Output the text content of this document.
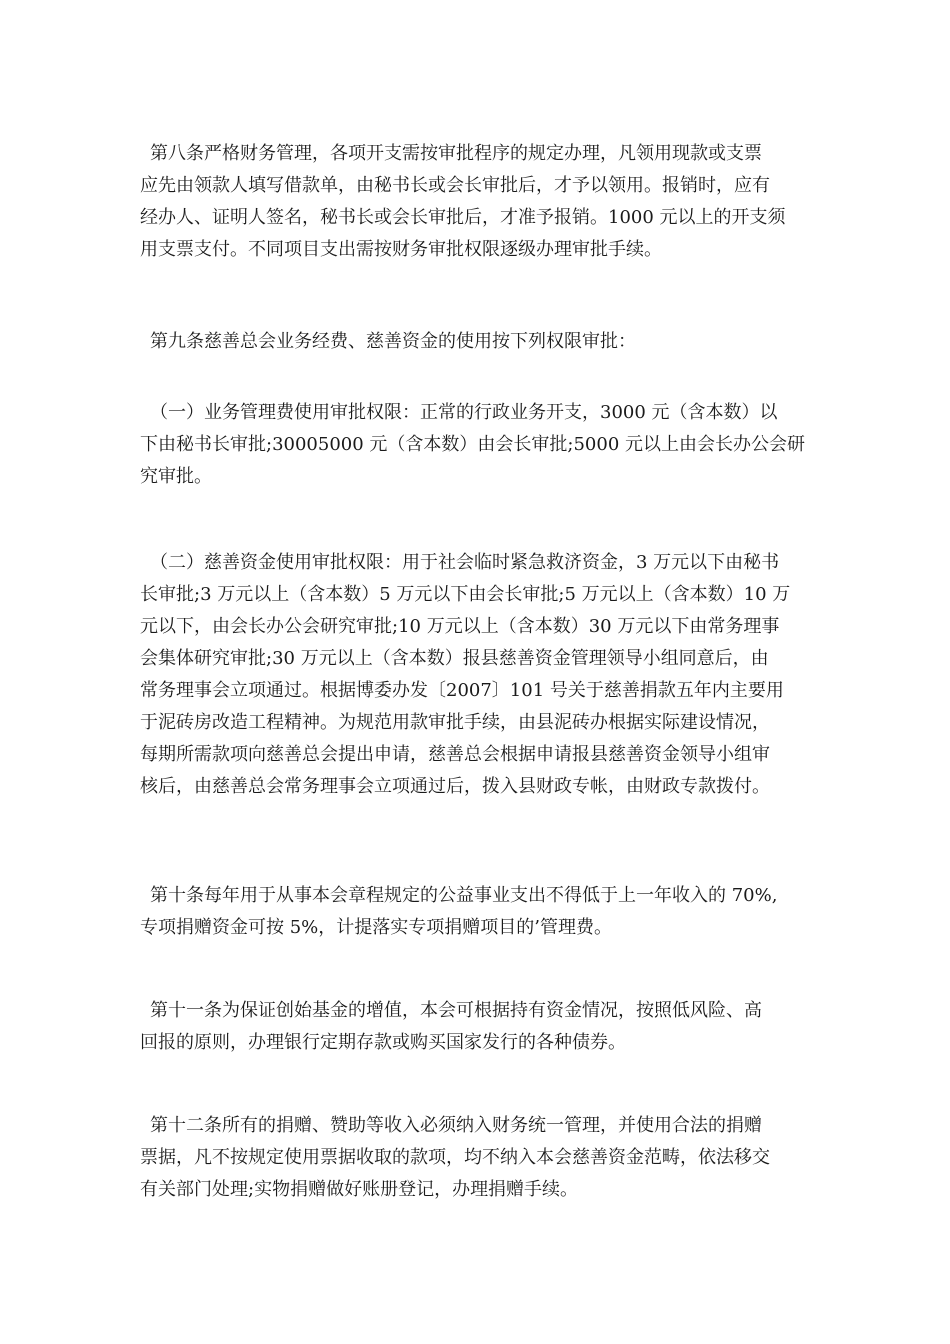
第八条严格财务管理，各项开支需按审批程序的规定办理，凡领用现款或支票
应先由领款人填写借款单，由秘书长或会长审批后，才予以领用。报销时，应有
经办人、证明人签名，秘书长或会长审批后，才准予报销。1000 元以上的开支须
用支票支付。不同项目支出需按财务审批权限逐级办理审批手续。
第九条慈善总会业务经费、慈善资金的使用按下列权限审批：
（一）业务管理费使用审批权限：正常的行政业务开支，3000 元（含本数）以
下由秘书长审批;30005000 元（含本数）由会长审批;5000 元以上由会长办公会研
究审批。
（二）慈善资金使用审批权限：用于社会临时紧急救济资金，3 万元以下由秘书
长审批;3 万元以上（含本数）5 万元以下由会长审批;5 万元以上（含本数）10 万
元以下，由会长办公会研究审批;10 万元以上（含本数）30 万元以下由常务理事
会集体研究审批;30 万元以上（含本数）报县慈善资金管理领导小组同意后，由
常务理事会立项通过。根据博委办发〔2007〕101 号关于慈善捐款五年内主要用
于泥砖房改造工程精神。为规范用款审批手续，由县泥砖办根据实际建设情况，
每期所需款项向慈善总会提出申请，慈善总会根据申请报县慈善资金领导小组审
核后，由慈善总会常务理事会立项通过后，拨入县财政专帐，由财政专款拨付。
第十条每年用于从事本会章程规定的公益事业支出不得低于上一年收入的 70%,
专项捐赠资金可按 5%，计提落实专项捐赠项目的’管理费。
第十一条为保证创始基金的增值，本会可根据持有资金情况，按照低风险、高
回报的原则，办理银行定期存款或购买国家发行的各种债券。
第十二条所有的捐赠、赞助等收入必须纳入财务统一管理，并使用合法的捐赠
票据，凡不按规定使用票据收取的款项，均不纳入本会慈善资金范畴，依法移交
有关部门处理;实物捐赠做好账册登记，办理捐赠手续。
